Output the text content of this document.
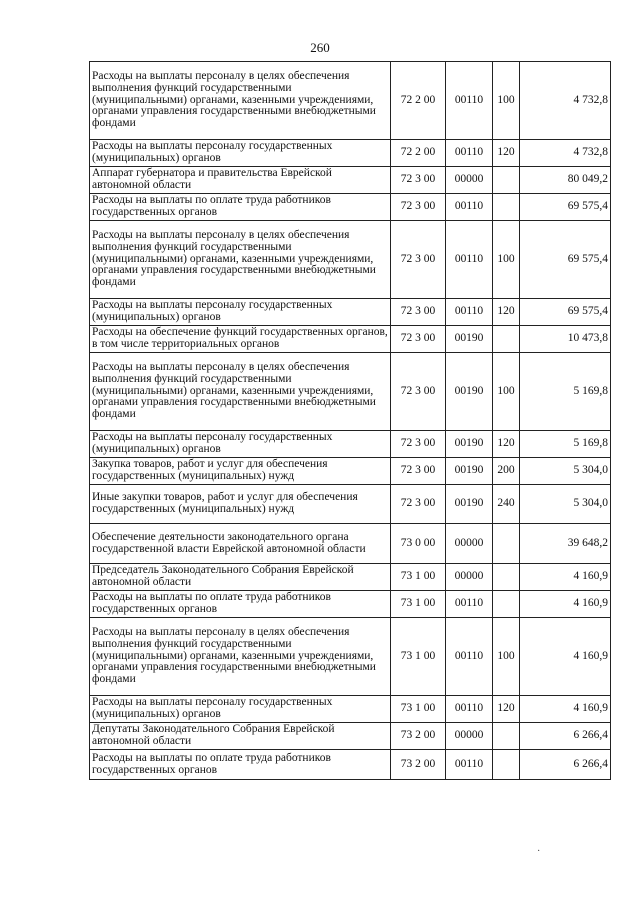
260
Расходы на выплаты персоналу в целях обеспечения выполнения функций государственными (муниципальными) органами, казенными учреждениями, органами управления государственными внебюджетными фондами	72 2 00	00110	100	4 732,8
Расходы на выплаты персоналу государственных (муниципальных) органов	72 2 00	00110	120	4 732,8
Аппарат губернатора и правительства Еврейской автономной области	72 3 00	00000		80 049,2
Расходы на выплаты по оплате труда работников государственных органов	72 3 00	00110		69 575,4
Расходы на выплаты персоналу в целях обеспечения выполнения функций государственными (муниципальными) органами, казенными учреждениями, органами управления государственными внебюджетными фондами	72 3 00	00110	100	69 575,4
Расходы на выплаты персоналу государственных (муниципальных) органов	72 3 00	00110	120	69 575,4
Расходы на обеспечение функций государственных органов, в том числе территориальных органов	72 3 00	00190		10 473,8
Расходы на выплаты персоналу в целях обеспечения выполнения функций государственными (муниципальными) органами, казенными учреждениями, органами управления государственными внебюджетными фондами	72 3 00	00190	100	5 169,8
Расходы на выплаты персоналу государственных (муниципальных) органов	72 3 00	00190	120	5 169,8
Закупка товаров, работ и услуг для обеспечения государственных (муниципальных) нужд	72 3 00	00190	200	5 304,0
Иные закупки товаров, работ и услуг для обеспечения государственных (муниципальных) нужд	72 3 00	00190	240	5 304,0
Обеспечение деятельности законодательного органа государственной власти Еврейской автономной области	73 0 00	00000		39 648,2
Председатель Законодательного Собрания Еврейской автономной области	73 1 00	00000		4 160,9
Расходы на выплаты по оплате труда работников государственных органов	73 1 00	00110		4 160,9
Расходы на выплаты персоналу в целях обеспечения выполнения функций государственными (муниципальными) органами, казенными учреждениями, органами управления государственными внебюджетными фондами	73 1 00	00110	100	4 160,9
Расходы на выплаты персоналу государственных (муниципальных) органов	73 1 00	00110	120	4 160,9
Депутаты Законодательного Собрания Еврейской автономной области	73 2 00	00000		6 266,4
Расходы на выплаты по оплате труда работников государственных органов	73 2 00	00110		6 266,4
·
